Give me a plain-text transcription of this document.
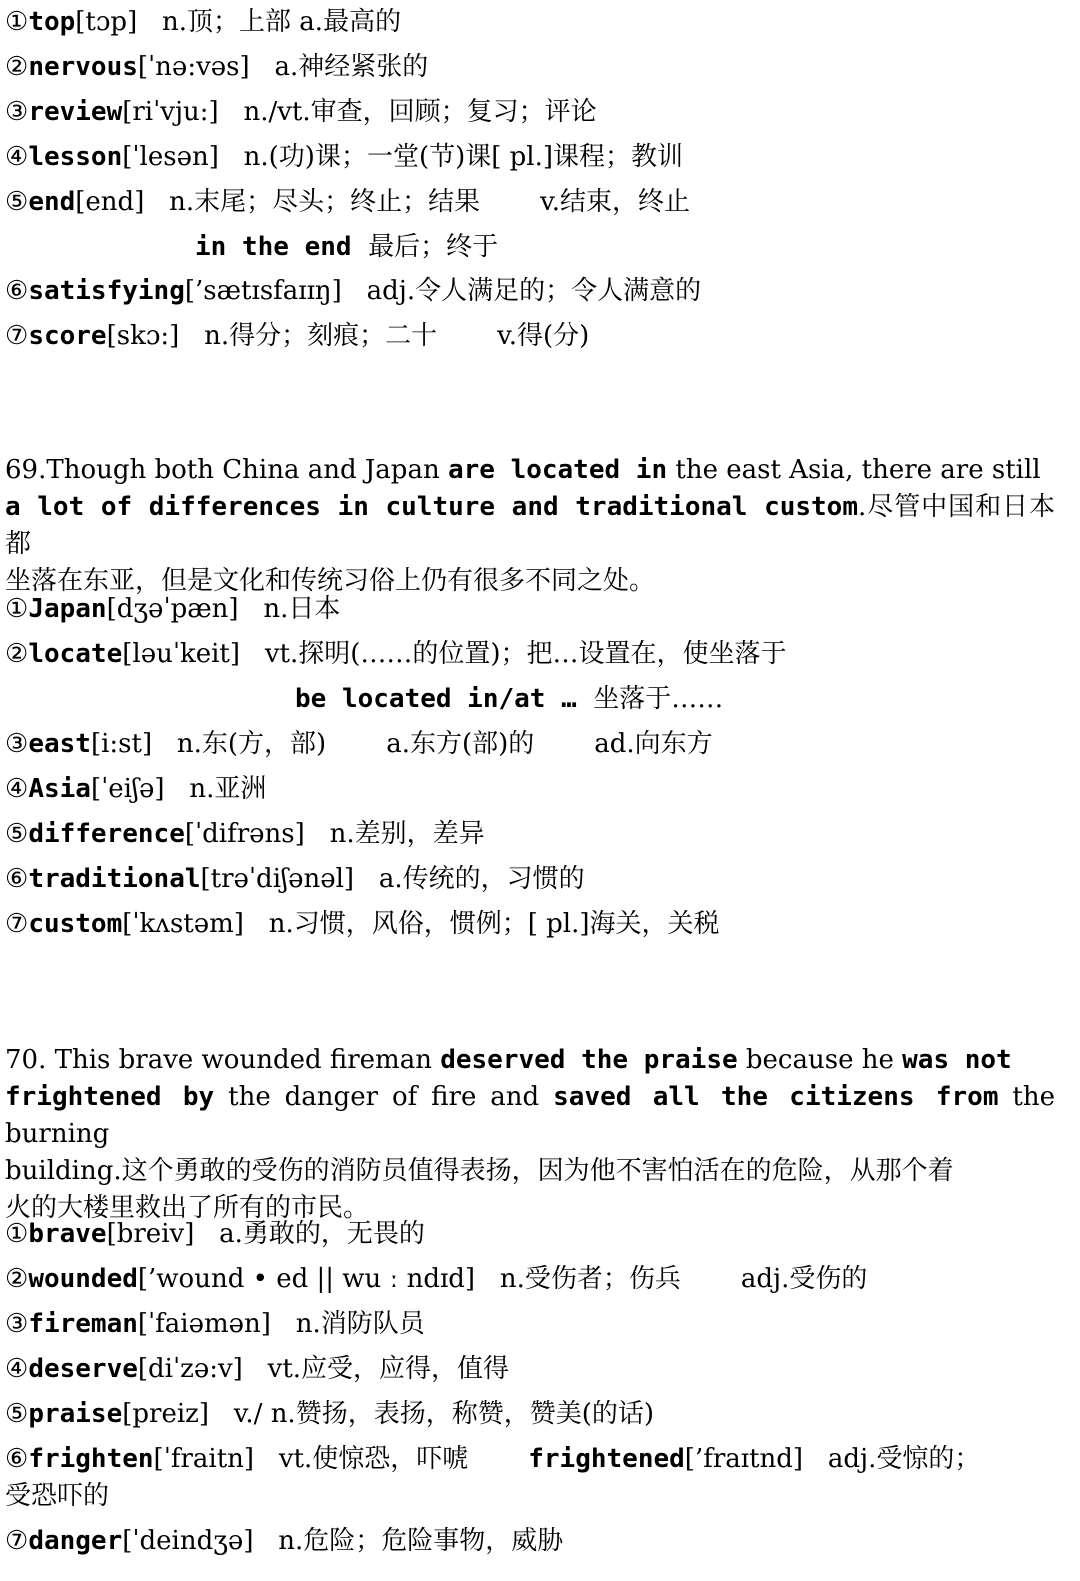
①top[tɔp] n.顶；上部 a.最高的
②nervous[ˈnə:vəs] a.神经紧张的
③review[riˈvju:] n./vt.审查，回顾；复习；评论
④lesson[ˈlesən] n.(功)课；一堂(节)课[ pl.]课程；教训
⑤end[end] n.末尾；尽头；终止；结果 v.结束，终止
in the end 最后；终于
⑥satisfying[’sætɪsfaɪɪŋ] adj.令人满足的；令人满意的
⑦score[skɔ:] n.得分；刻痕；二十 v.得(分)
69.Though both China and Japan are located in the east Asia, there are still
a lot of differences in culture and traditional custom.尽管中国和日本都
坐落在东亚，但是文化和传统习俗上仍有很多不同之处。
①Japan[dʒəˈpæn] n.日本
②locate[ləuˈkeit] vt.探明(……的位置)；把…设置在，使坐落于
be located in/at … 坐落于……
③east[i:st] n.东(方，部) a.东方(部)的 ad.向东方
④Asia[ˈeiʃə] n.亚洲
⑤difference[ˈdifrəns] n.差别，差异
⑥traditional[trəˈdiʃənəl] a.传统的，习惯的
⑦custom[ˈkʌstəm] n.习惯，风俗，惯例；[ pl.]海关，关税
70. This brave wounded fireman deserved the praise because he was not
frightened by the danger of fire and saved all the citizens from the burning
building.这个勇敢的受伤的消防员值得表扬，因为他不害怕活在的危险，从那个着
火的大楼里救出了所有的市民。
①brave[breiv] a.勇敢的，无畏的
②wounded[’wound • ed || wu ː ndɪd] n.受伤者；伤兵 adj.受伤的
③fireman[ˈfaiəmən] n.消防队员
④deserve[diˈzə:v] vt.应受，应得，值得
⑤praise[preiz] v./ n.赞扬，表扬，称赞，赞美(的话)
⑥frighten[ˈfraitn] vt.使惊恐，吓唬 frightened[’fraɪtnd] adj.受惊的；
受恐吓的
⑦danger[ˈdeindʒə] n.危险；危险事物，威胁
